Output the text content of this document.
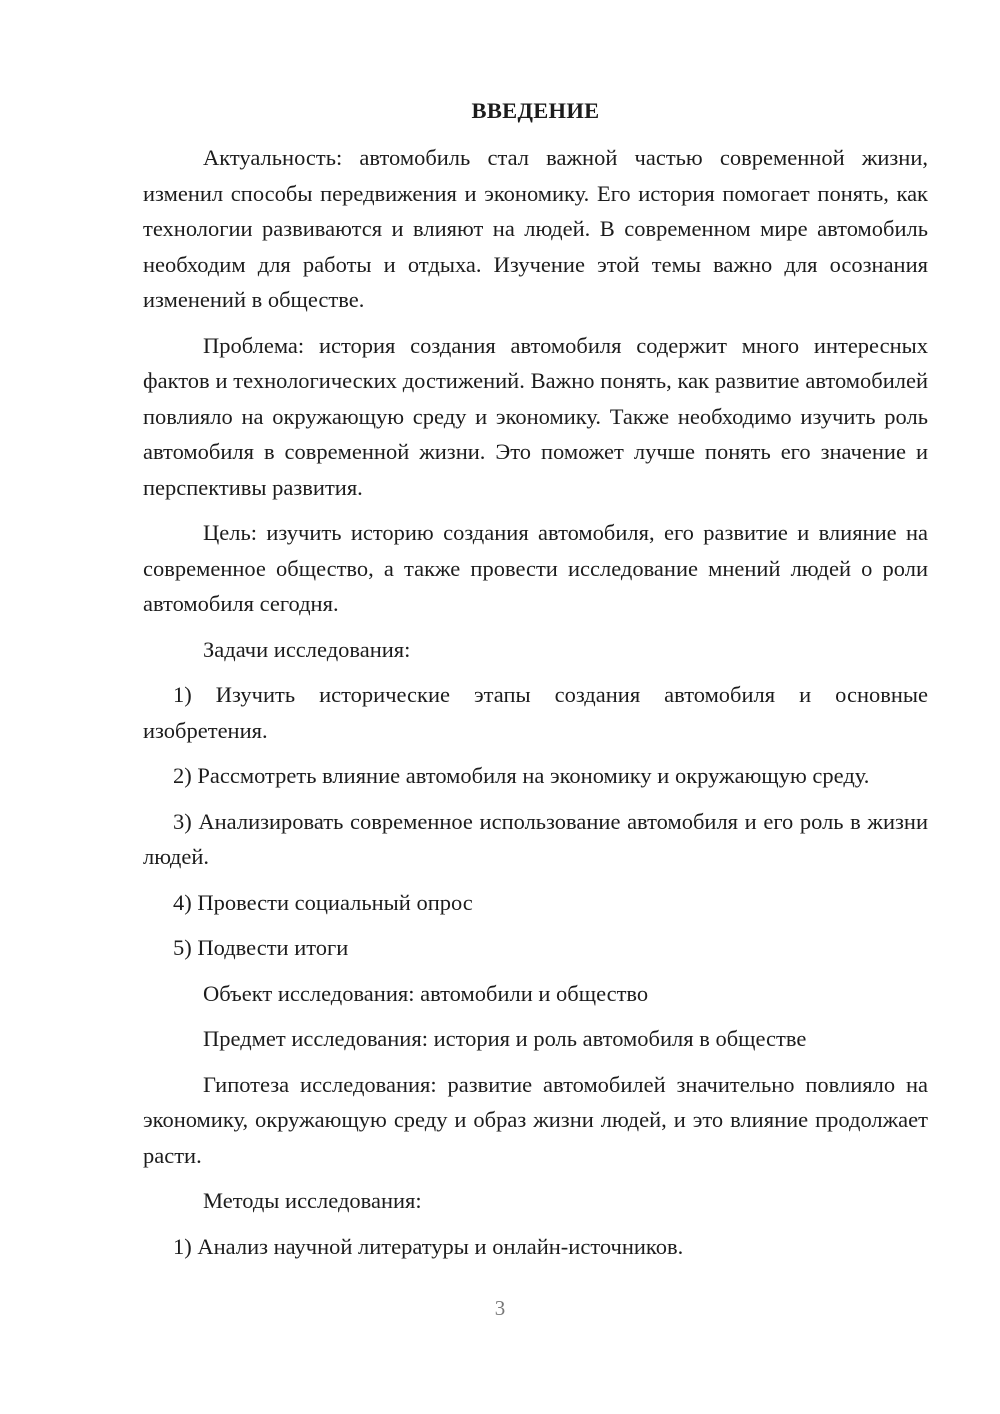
ВВЕДЕНИЕ

Актуальность: автомобиль стал важной частью современной жизни, изменил способы передвижения и экономику. Его история помогает понять, как технологии развиваются и влияют на людей. В современном мире автомобиль необходим для работы и отдыха. Изучение этой темы важно для осознания изменений в обществе.

Проблема: история создания автомобиля содержит много интересных фактов и технологических достижений. Важно понять, как развитие автомобилей повлияло на окружающую среду и экономику. Также необходимо изучить роль автомобиля в современной жизни. Это поможет лучше понять его значение и перспективы развития.

Цель: изучить историю создания автомобиля, его развитие и влияние на современное общество, а также провести исследование мнений людей о роли автомобиля сегодня.

Задачи исследования:

1) Изучить исторические этапы создания автомобиля и основные изобретения.

2) Рассмотреть влияние автомобиля на экономику и окружающую среду.

3) Анализировать современное использование автомобиля и его роль в жизни людей.

4) Провести социальный опрос

5) Подвести итоги

Объект исследования: автомобили и общество

Предмет исследования: история и роль автомобиля в обществе

Гипотеза исследования: развитие автомобилей значительно повлияло на экономику, окружающую среду и образ жизни людей, и это влияние продолжает расти.

Методы исследования:

1) Анализ научной литературы и онлайн-источников.

3
